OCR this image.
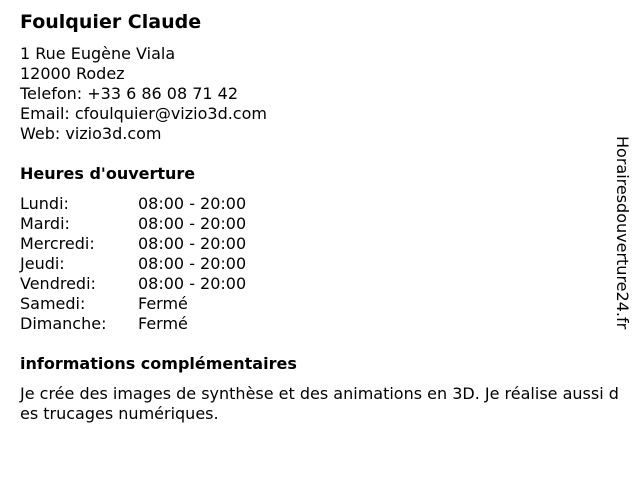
Foulquier Claude
1 Rue Eugène Viala
12000 Rodez
Telefon: +33 6 86 08 71 42
Email: cfoulquier@vizio3d.com
Web: vizio3d.com
Heures d'ouverture
Lundi:	08:00 - 20:00
Mardi:	08:00 - 20:00
Mercredi:	08:00 - 20:00
Jeudi:	08:00 - 20:00
Vendredi:	08:00 - 20:00
Samedi:	Fermé
Dimanche: Fermé
informations complémentaires

Je crée des images de synthèse et des animations en 3D. Je réalise aussi des trucages numériques.

Horairesdouverture24.fr
